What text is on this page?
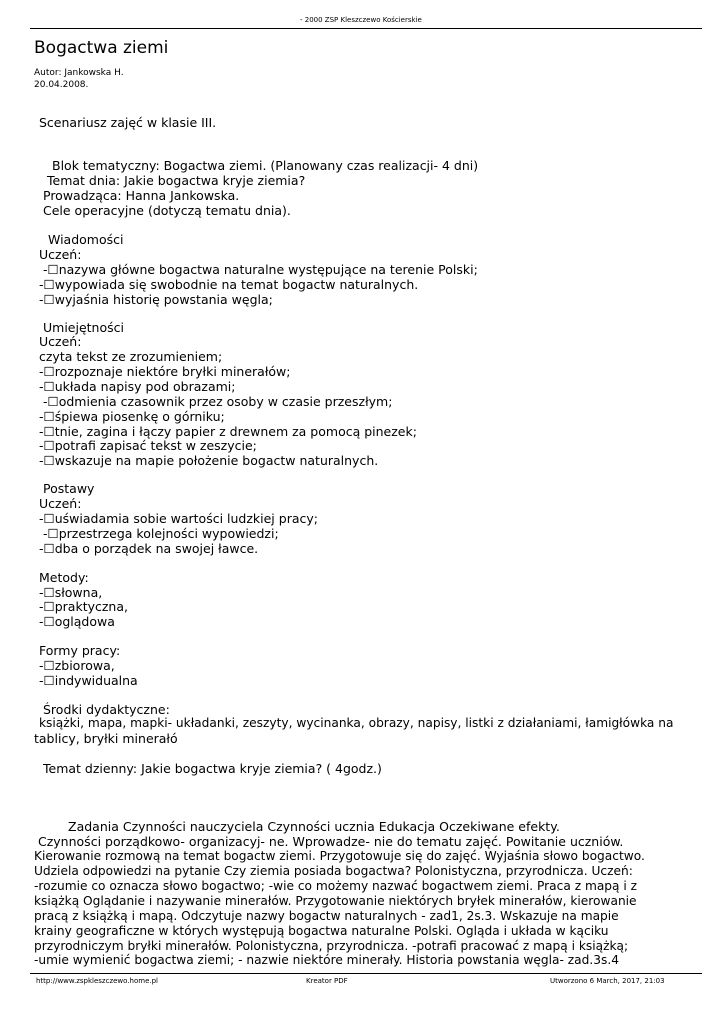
- 2000 ZSP Kleszczewo Kościerskie
Bogactwa ziemi
Autor: Jankowska H.
20.04.2008.
Scenariusz zajęć w klasie III.
Blok tematyczny: Bogactwa ziemi. (Planowany czas realizacji- 4 dni)
Temat dnia: Jakie bogactwa kryje ziemia?
Prowadząca: Hanna Jankowska.
Cele operacyjne (dotyczą tematu dnia).
Wiadomości
Uczeń:
-☐nazywa główne bogactwa naturalne występujące na terenie Polski;
-☐wypowiada się swobodnie na temat bogactw naturalnych.
-☐wyjaśnia historię powstania węgla;
Umiejętności
Uczeń:
czyta tekst ze zrozumieniem;
-☐rozpoznaje niektóre bryłki minerałów;
-☐układa napisy pod obrazami;
-☐odmienia czasownik przez osoby w czasie przeszłym;
-☐śpiewa piosenkę o górniku;
-☐tnie, zagina i łączy papier z drewnem za pomocą pinezek;
-☐potrafi zapisać tekst w zeszycie;
-☐wskazuje na mapie położenie bogactw naturalnych.
Postawy
Uczeń:
-☐uświadamia sobie wartości ludzkiej pracy;
-☐przestrzega kolejności wypowiedzi;
-☐dba o porządek na swojej ławce.
Metody:
-☐słowna,
-☐praktyczna,
-☐oglądowa
Formy pracy:
-☐zbiorowa,
-☐indywidualna
Środki dydaktyczne:
książki, mapa, mapki- układanki, zeszyty, wycinanka, obrazy, napisy, listki z działaniami, łamigłówka na
tablicy, bryłki minerałó
Temat dzienny: Jakie bogactwa kryje ziemia? ( 4godz.)
Zadania Czynności nauczyciela Czynności ucznia Edukacja Oczekiwane efekty.
Czynności porządkowo- organizacyj- ne. Wprowadze- nie do tematu zajęć. Powitanie uczniów.
Kierowanie rozmową na temat bogactw ziemi. Przygotowuje się do zajęć. Wyjaśnia słowo bogactwo.
Udziela odpowiedzi na pytanie Czy ziemia posiada bogactwa? Polonistyczna, przyrodnicza. Uczeń:
-rozumie co oznacza słowo bogactwo; -wie co możemy nazwać bogactwem ziemi. Praca z mapą i z
książką Oglądanie i nazywanie minerałów. Przygotowanie niektórych bryłek minerałów, kierowanie
pracą z książką i mapą. Odczytuje nazwy bogactw naturalnych - zad1, 2s.3. Wskazuje na mapie
krainy geograficzne w których występują bogactwa naturalne Polski. Ogląda i układa w kąciku
przyrodniczym bryłki minerałów. Polonistyczna, przyrodnicza. -potrafi pracować z mapą i książką;
-umie wymienić bogactwa ziemi; - nazwie niektóre minerały. Historia powstania węgla- zad.3s.4
http://www.zspkleszczewo.home.pl	Kreator PDF	Utworzono 6 March, 2017, 21:03
